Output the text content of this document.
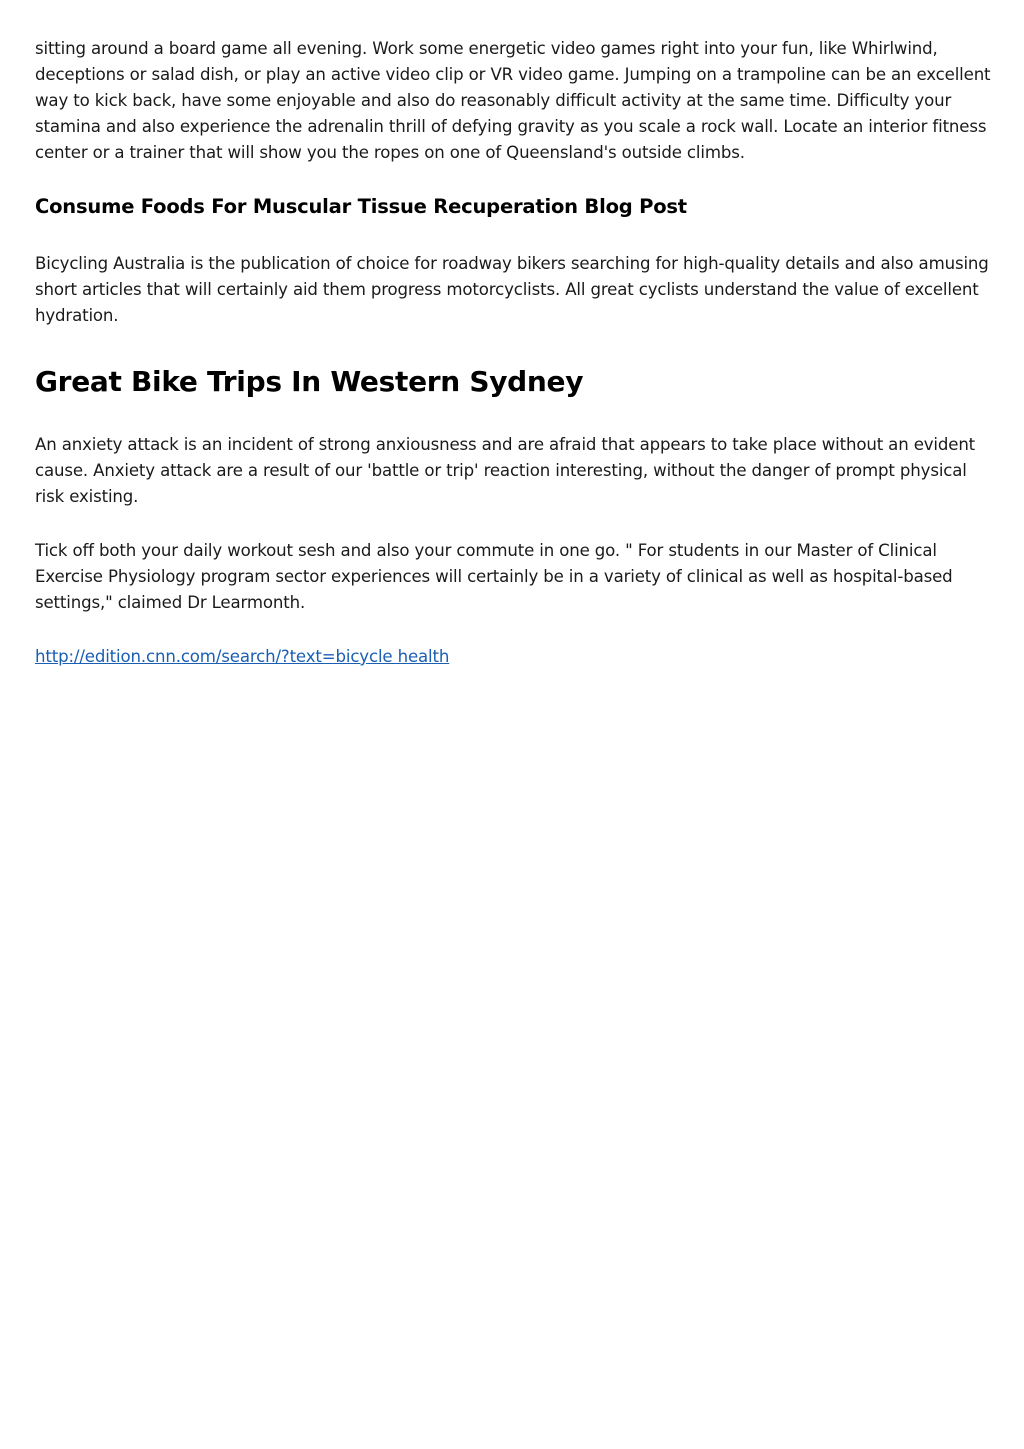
sitting around a board game all evening. Work some energetic video games right into your fun, like Whirlwind, deceptions or salad dish, or play an active video clip or VR video game. Jumping on a trampoline can be an excellent way to kick back, have some enjoyable and also do reasonably difficult activity at the same time. Difficulty your stamina and also experience the adrenalin thrill of defying gravity as you scale a rock wall. Locate an interior fitness center or a trainer that will show you the ropes on one of Queensland's outside climbs.

Consume Foods For Muscular Tissue Recuperation Blog Post

Bicycling Australia is the publication of choice for roadway bikers searching for high-quality details and also amusing short articles that will certainly aid them progress motorcyclists. All great cyclists understand the value of excellent hydration.

Great Bike Trips In Western Sydney

An anxiety attack is an incident of strong anxiousness and are afraid that appears to take place without an evident cause. Anxiety attack are a result of our 'battle or trip' reaction interesting, without the danger of prompt physical risk existing.

Tick off both your daily workout sesh and also your commute in one go. " For students in our Master of Clinical Exercise Physiology program sector experiences will certainly be in a variety of clinical as well as hospital-based settings," claimed Dr Learmonth.

http://edition.cnn.com/search/?text=bicycle health
